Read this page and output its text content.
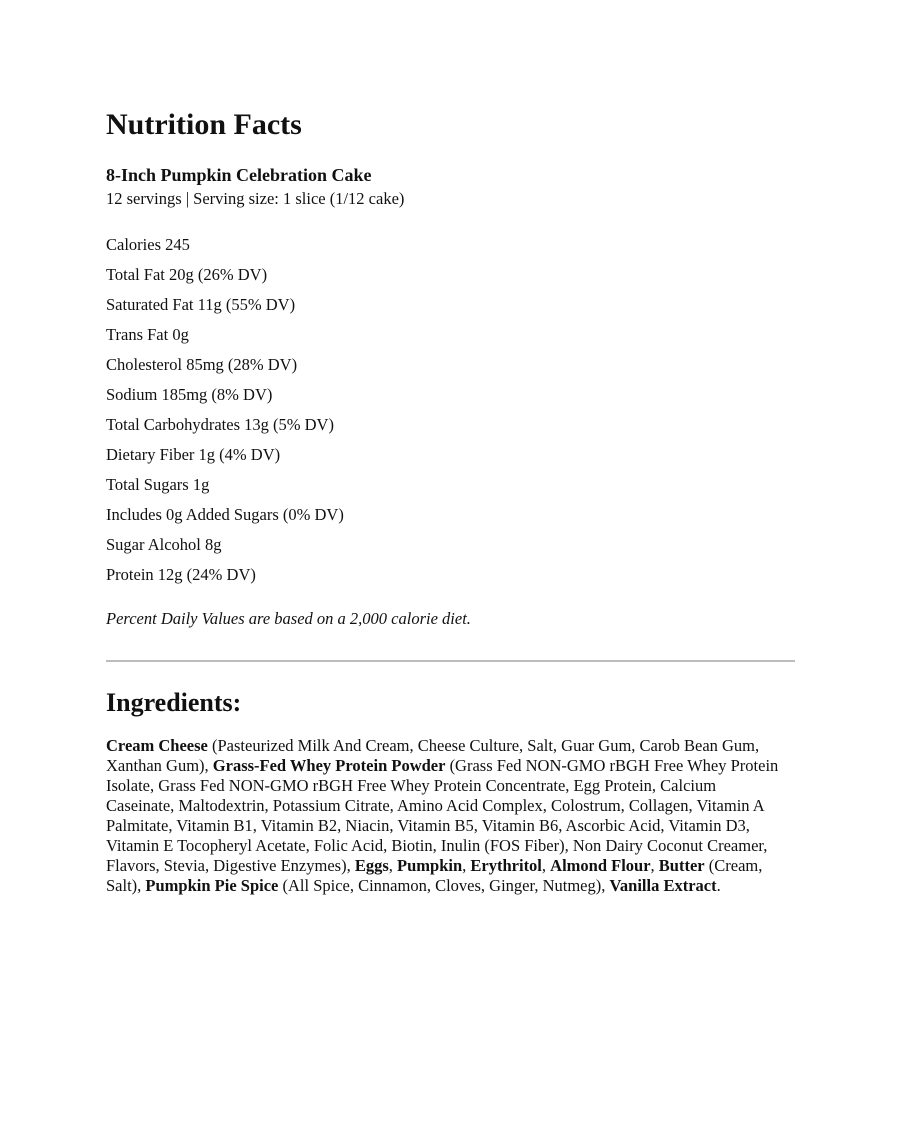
Nutrition Facts
8-Inch Pumpkin Celebration Cake
12 servings | Serving size: 1 slice (1/12 cake)
Calories 245
Total Fat 20g (26% DV)
Saturated Fat 11g (55% DV)
Trans Fat 0g
Cholesterol 85mg (28% DV)
Sodium 185mg (8% DV)
Total Carbohydrates 13g (5% DV)
Dietary Fiber 1g (4% DV)
Total Sugars 1g
Includes 0g Added Sugars (0% DV)
Sugar Alcohol 8g
Protein 12g (24% DV)
Percent Daily Values are based on a 2,000 calorie diet.
Ingredients:

Cream Cheese (Pasteurized Milk And Cream, Cheese Culture, Salt, Guar Gum, Carob Bean Gum, Xanthan Gum), Grass-Fed Whey Protein Powder (Grass Fed NON-GMO rBGH Free Whey Protein Isolate, Grass Fed NON-GMO rBGH Free Whey Protein Concentrate, Egg Protein, Calcium Caseinate, Maltodextrin, Potassium Citrate, Amino Acid Complex, Colostrum, Collagen, Vitamin A Palmitate, Vitamin B1, Vitamin B2, Niacin, Vitamin B5, Vitamin B6, Ascorbic Acid, Vitamin D3, Vitamin E Tocopheryl Acetate, Folic Acid, Biotin, Inulin (FOS Fiber), Non Dairy Coconut Creamer, Flavors, Stevia, Digestive Enzymes), Eggs, Pumpkin, Erythritol, Almond Flour, Butter (Cream, Salt), Pumpkin Pie Spice (All Spice, Cinnamon, Cloves, Ginger, Nutmeg), Vanilla Extract.
